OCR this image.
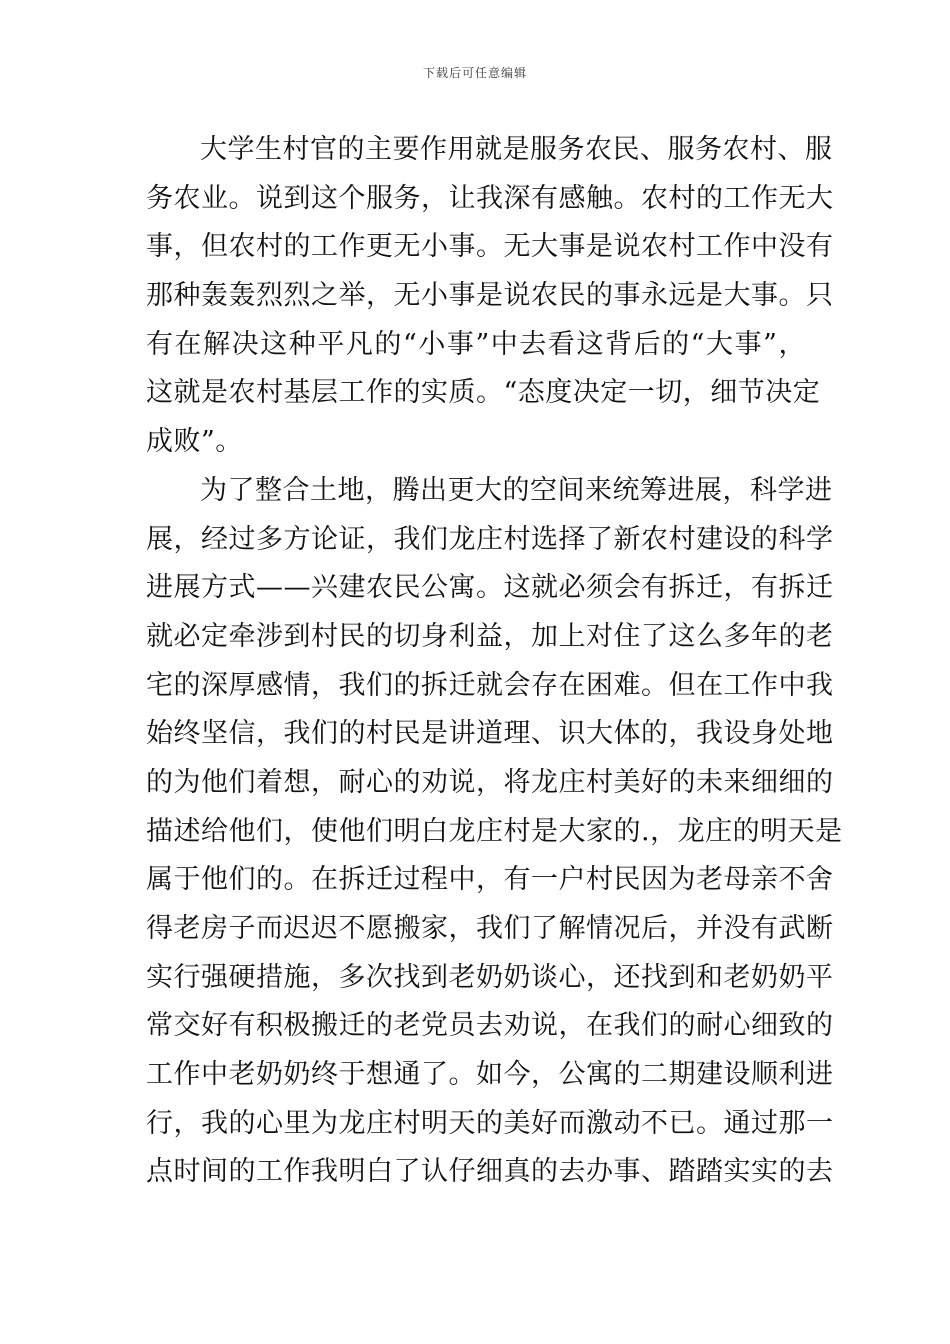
下载后可任意编辑
大学生村官的主要作用就是服务农民、服务农村、服
务农业。说到这个服务，让我深有感触。农村的工作无大
事，但农村的工作更无小事。无大事是说农村工作中没有
那种轰轰烈烈之举，无小事是说农民的事永远是大事。只
有在解决这种平凡的“小事”中去看这背后的“大事”，
这就是农村基层工作的实质。“态度决定一切，细节决定
成败”。
为了整合土地，腾出更大的空间来统筹进展，科学进
展，经过多方论证，我们龙庄村选择了新农村建设的科学
进展方式——兴建农民公寓。这就必须会有拆迁，有拆迁
就必定牵涉到村民的切身利益，加上对住了这么多年的老
宅的深厚感情，我们的拆迁就会存在困难。但在工作中我
始终坚信，我们的村民是讲道理、识大体的，我设身处地
的为他们着想，耐心的劝说，将龙庄村美好的未来细细的
描述给他们，使他们明白龙庄村是大家的.，龙庄的明天是
属于他们的。在拆迁过程中，有一户村民因为老母亲不舍
得老房子而迟迟不愿搬家，我们了解情况后，并没有武断
实行强硬措施，多次找到老奶奶谈心，还找到和老奶奶平
常交好有积极搬迁的老党员去劝说，在我们的耐心细致的
工作中老奶奶终于想通了。如今，公寓的二期建设顺利进
行，我的心里为龙庄村明天的美好而激动不已。通过那一
点时间的工作我明白了认仔细真的去办事、踏踏实实的去
